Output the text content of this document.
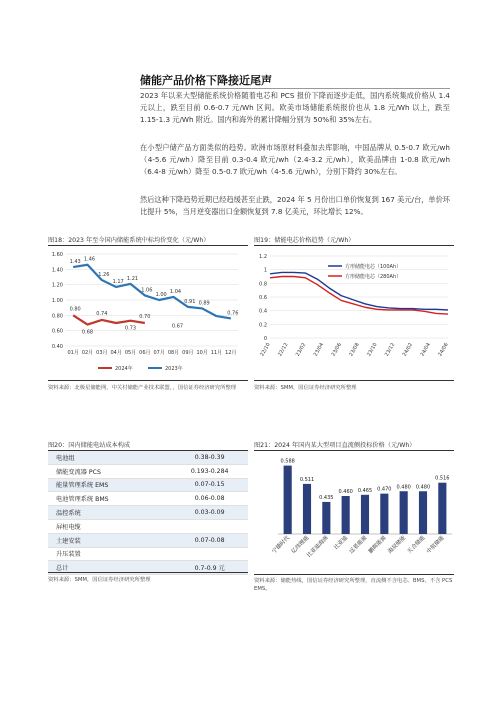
储能产品价格下降接近尾声
2023 年以来大型储能系统价格随着电芯和 PCS 报价下降而逐步走低，国内系统集成价格从 1.4 元以上，跌至目前 0.6-0.7 元/Wh 区间。欧美市场储能系统报价也从 1.8 元/Wh 以上，跌至 1.15-1.3 元/Wh 附近。国内和海外的累计降幅分别为 50%和 35%左右。
在小型户储产品方面类似的趋势。欧洲市场原材料叠加去库影响，中国品牌从 0.5-0.7 欧元/wh（4-5.6 元/wh）降至目前 0.3-0.4 欧元/wh（2.4-3.2 元/wh），欧美品牌由 1-0.8 欧元/wh（6.4-8 元/wh）降至 0.5-0.7 欧元/wh（4-5.6 元/wh），分别下降约 30%左右。
然后这种下降趋势近期已经趋缓甚至止跌，2024 年 5 月份出口单价恢复到 167 美元/台，单价环比提升 5%，当月逆变器出口金额恢复到 7.8 亿美元，环比增长 12%。
图18：2023 年至今国内储能系统中标均价变化（元/Wh）
0.40
0.60
0.80
1.00
1.20
1.40
1.60
01月 02月 03月 04月 05月 06月 07月 08月 09月 10月 11月 12月
0.80
0.68
0.74
0.73
0.70
1.43 1.46
1.26
1.17
1.21
1.06
1.00
1.04
0.91 0.89
0.76
0.67
2024年	2023年
资料来源：北极星储能网，中关村储能产业技术联盟，，国信证券经济研究所整理
图19：储能电芯价格趋势（元/Wh）
0
0.2
0.4
0.6
0.8
1
1.2
22/10 22/12 23/02 23/04 23/06 23/08 23/10 23/12 24/02 24/04 24/06
方形储能电芯（100Ah）
方形储能电芯（280Ah）
资料来源：SMM，国信证券经济研究所整理
图20：国内储能电站成本构成
电池组	0.38-0.39
储能变流器 PCS	0.193-0.284
能量管理系统 EMS	0.07-0.15
电池管理系统 BMS	0.06-0.08
温控系统	0.03-0.09
屏柜电缆	
土建安装	0.07-0.08
升压装置	
总计	0.7-0.9 元
资料来源：SMM，国信证券经济研究所整理
图21：2024 年国内某大型项目直流侧投标价格（元/Wh）
0.588
宁德时代
0.511
亿纬锂能
0.435
比亚迪海洲
0.460
比亚迪
0.465
远景能源
0.470
鹏辉能源
0.480
海辰储能
0.480
天合储能
0.516
中航储能
资料来源：储能热线，国信证券经济研究所整理，直流侧不含电芯、BMS、不含 PCS EMS。
